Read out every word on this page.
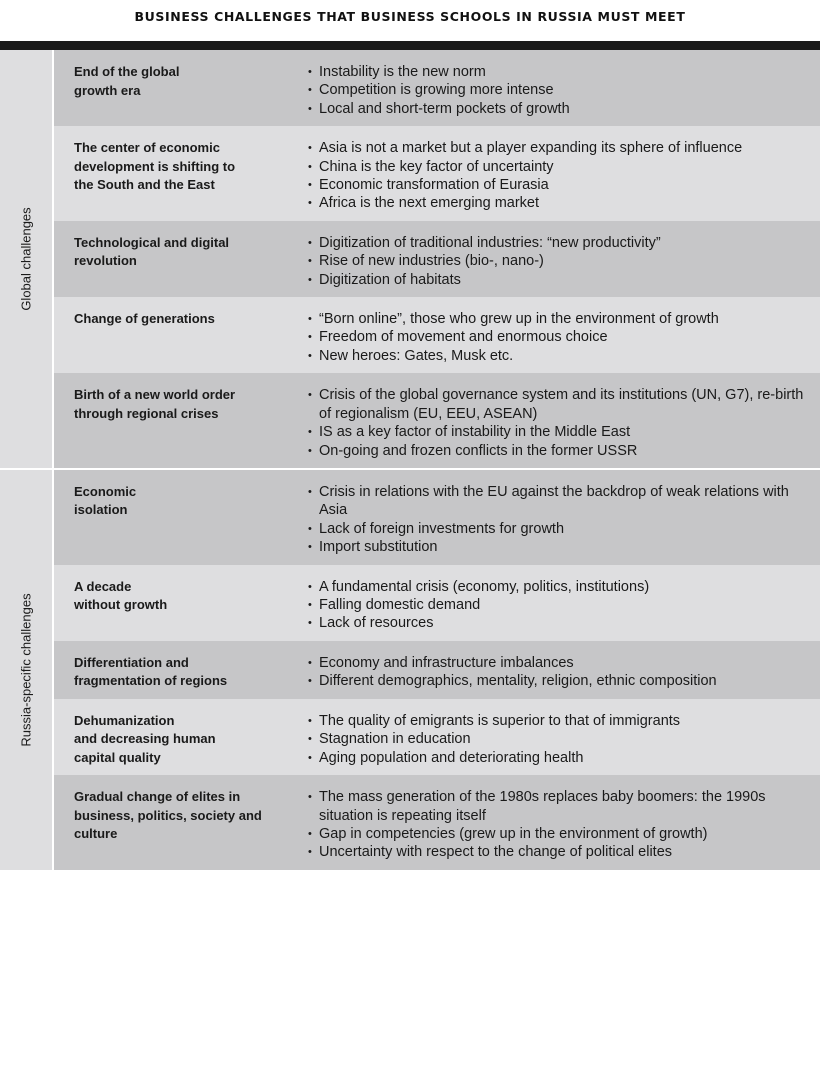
BUSINESS CHALLENGES THAT BUSINESS SCHOOLS IN RUSSIA MUST MEET
Global challenges
End of the global
growth era
• Instability is the new norm
• Competition is growing more intense
• Local and short-term pockets of growth
The center of economic
development is shifting to
the South and the East
• Asia is not a market but a player expanding its sphere of influence
• China is the key factor of uncertainty
• Economic transformation of Eurasia
• Africa is the next emerging market
Technological and digital
revolution
• Digitization of traditional industries: “new productivity”
• Rise of new industries (bio-, nano-)
• Digitization of habitats
Change of generations
•	“Born online”, those who grew up in the environment of growth
• Freedom of movement and enormous choice
• New heroes: Gates, Musk etc.
Birth of a new world order
through regional crises
• Crisis of the global governance system and its institutions (UN, G7), re-birth of regionalism (EU, EEU, ASEAN)
• IS as a key factor of instability in the Middle East
• On-going and frozen conflicts in the former USSR
Russia-specific challenges
Economic
isolation
• Crisis in relations with the EU against the backdrop of weak relations with Asia
• Lack of foreign investments for growth
• Import substitution
A decade
without growth
• A fundamental crisis (economy, politics, institutions)
• Falling domestic demand
• Lack of resources
Differentiation and
fragmentation of regions
• Economy and infrastructure imbalances
• Different demographics, mentality, religion, ethnic composition
Dehumanization
and decreasing human
capital quality
• The quality of emigrants is superior to that of immigrants
• Stagnation in education
• Aging population and deteriorating health
Gradual change of elites in
business, politics, society and
culture
• The mass generation of the 1980s replaces baby boomers: the 1990s situation is repeating itself
• Gap in competencies (grew up in the environment of growth)
• Uncertainty with respect to the change of political elites
